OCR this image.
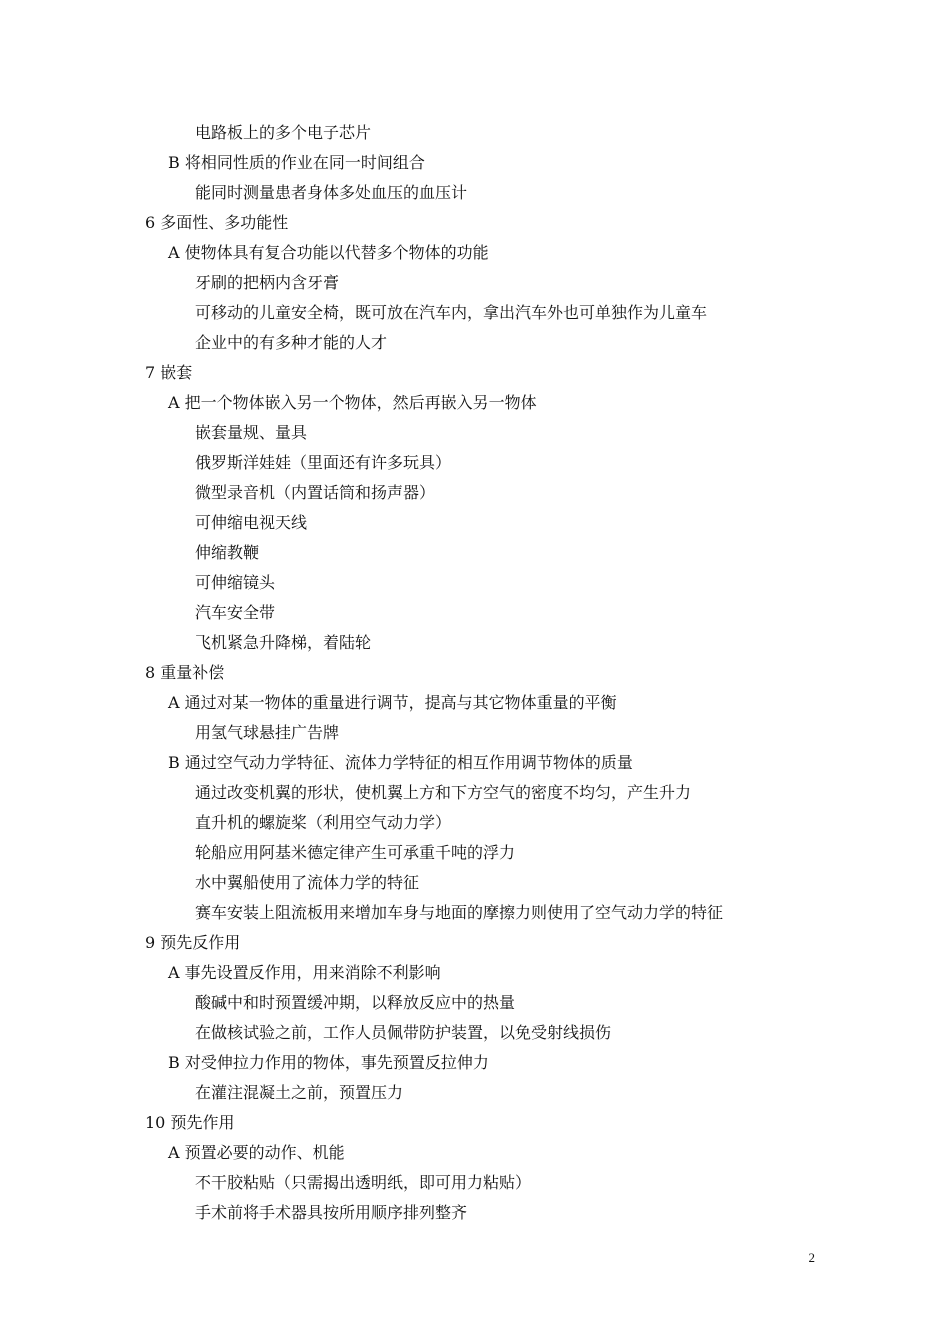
电路板上的多个电子芯片
B 将相同性质的作业在同一时间组合
能同时测量患者身体多处血压的血压计
6 多面性、多功能性
A 使物体具有复合功能以代替多个物体的功能
牙刷的把柄内含牙膏
可移动的儿童安全椅，既可放在汽车内，拿出汽车外也可单独作为儿童车
企业中的有多种才能的人才
7 嵌套
A 把一个物体嵌入另一个物体，然后再嵌入另一物体
嵌套量规、量具
俄罗斯洋娃娃（里面还有许多玩具）
微型录音机（内置话筒和扬声器）
可伸缩电视天线
伸缩教鞭
可伸缩镜头
汽车安全带
飞机紧急升降梯，着陆轮
8 重量补偿
A 通过对某一物体的重量进行调节，提高与其它物体重量的平衡
用氢气球悬挂广告牌
B 通过空气动力学特征、流体力学特征的相互作用调节物体的质量
通过改变机翼的形状，使机翼上方和下方空气的密度不均匀，产生升力
直升机的螺旋桨（利用空气动力学）
轮船应用阿基米德定律产生可承重千吨的浮力
水中翼船使用了流体力学的特征
赛车安装上阻流板用来增加车身与地面的摩擦力则使用了空气动力学的特征
9 预先反作用
A 事先设置反作用，用来消除不利影响
酸碱中和时预置缓冲期，以释放反应中的热量
在做核试验之前，工作人员佩带防护装置，以免受射线损伤
B 对受伸拉力作用的物体，事先预置反拉伸力
在灌注混凝土之前，预置压力
10 预先作用
A 预置必要的动作、机能
不干胶粘贴（只需揭出透明纸，即可用力粘贴）
手术前将手术器具按所用顺序排列整齐
2
